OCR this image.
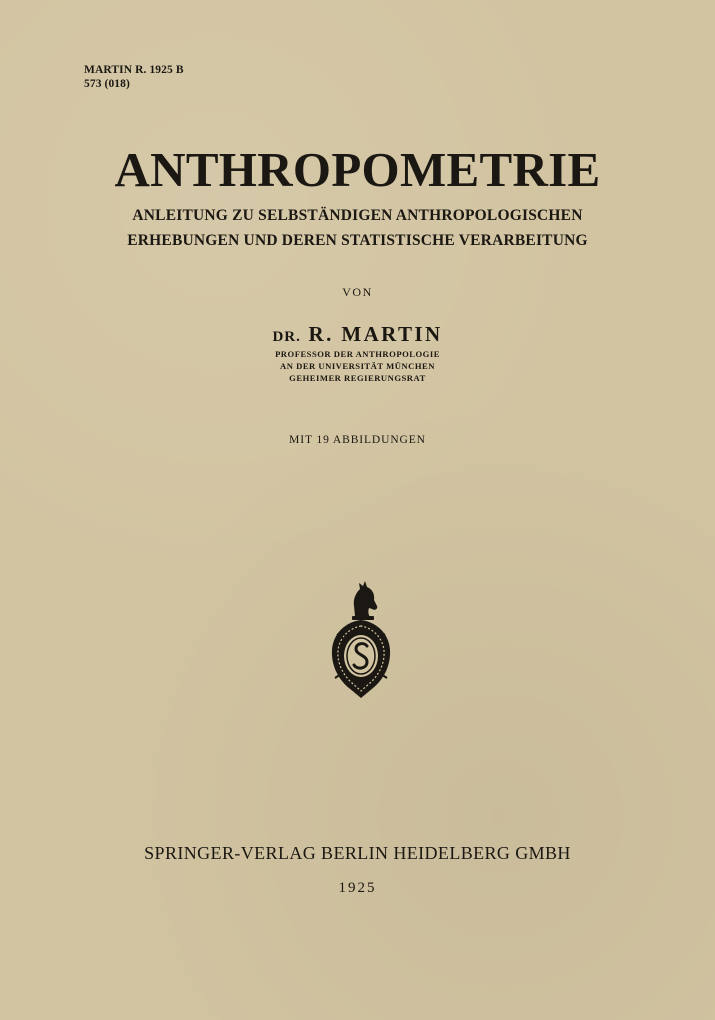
MARTIN R. 1925 B
573 (018)
ANTHROPOMETRIE
ANLEITUNG ZU SELBSTÄNDIGEN ANTHROPOLOGISCHEN
ERHEBUNGEN UND DEREN STATISTISCHE VERARBEITUNG
VON
DR. R. MARTIN
PROFESSOR DER ANTHROPOLOGIE
AN DER UNIVERSITÄT MÜNCHEN
GEHEIMER REGIERUNGSRAT
MIT 19 ABBILDUNGEN
SPRINGER-VERLAG BERLIN HEIDELBERG GMBH
1925
